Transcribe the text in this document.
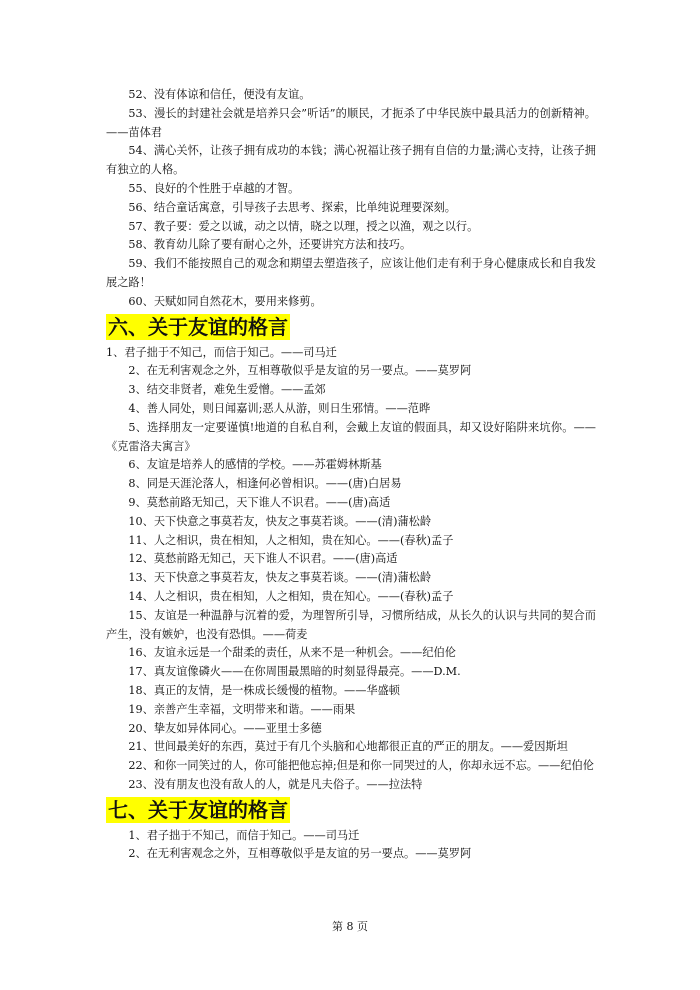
52、没有体谅和信任，便没有友谊。

53、漫长的封建社会就是培养只会”听话”的顺民，才扼杀了中华民族中最具活力的创新精神。——苗体君

54、满心关怀，让孩子拥有成功的本钱；满心祝福让孩子拥有自信的力量;满心支持，让孩子拥有独立的人格。

55、良好的个性胜于卓越的才智。

56、结合童话寓意，引导孩子去思考、探索，比单纯说理要深刻。

57、教子要：爱之以诚，动之以情，晓之以理，授之以渔，观之以行。

58、教育幼儿除了要有耐心之外，还要讲究方法和技巧。

59、我们不能按照自己的观念和期望去塑造孩子，应该让他们走有利于身心健康成长和自我发展之路！

60、天赋如同自然花木，要用来修剪。

六、关于友谊的格言

1、君子拙于不知己，而信于知己。——司马迁

2、在无利害观念之外，互相尊敬似乎是友谊的另一要点。——莫罗阿

3、结交非贤者，难免生爱憎。——孟郊

4、善人同处，则日闻嘉训;恶人从游，则日生邪情。——范晔

5、选择朋友一定要谨慎!地道的自私自利，会戴上友谊的假面具，却又设好陷阱来坑你。——《克雷洛夫寓言》

6、友谊是培养人的感情的学校。——苏霍姆林斯基

8、同是天涯沦落人，相逢何必曾相识。——(唐)白居易

9、莫愁前路无知己，天下谁人不识君。——(唐)高适

10、天下快意之事莫若友，快友之事莫若谈。——(清)蒲松龄

11、人之相识，贵在相知，人之相知，贵在知心。——(春秋)孟子

12、莫愁前路无知己，天下谁人不识君。——(唐)高适

13、天下快意之事莫若友，快友之事莫若谈。——(清)蒲松龄

14、人之相识，贵在相知，人之相知，贵在知心。——(春秋)孟子

15、友谊是一种温静与沉着的爱，为理智所引导，习惯所结成，从长久的认识与共同的契合而产生，没有嫉妒，也没有恐惧。——荷麦

16、友谊永远是一个甜柔的责任，从来不是一种机会。——纪伯伦

17、真友谊像磷火——在你周围最黑暗的时刻显得最亮。——D.M.

18、真正的友情，是一株成长缓慢的植物。——华盛顿

19、亲善产生幸福，文明带来和谐。——雨果

20、挚友如异体同心。——亚里士多德

21、世间最美好的东西，莫过于有几个头脑和心地都很正直的严正的朋友。——爱因斯坦

22、和你一同笑过的人，你可能把他忘掉;但是和你一同哭过的人，你却永远不忘。——纪伯伦

23、没有朋友也没有敌人的人，就是凡夫俗子。——拉法特

七、关于友谊的格言

1、君子拙于不知己，而信于知己。——司马迁

2、在无利害观念之外，互相尊敬似乎是友谊的另一要点。——莫罗阿

第 8 页
